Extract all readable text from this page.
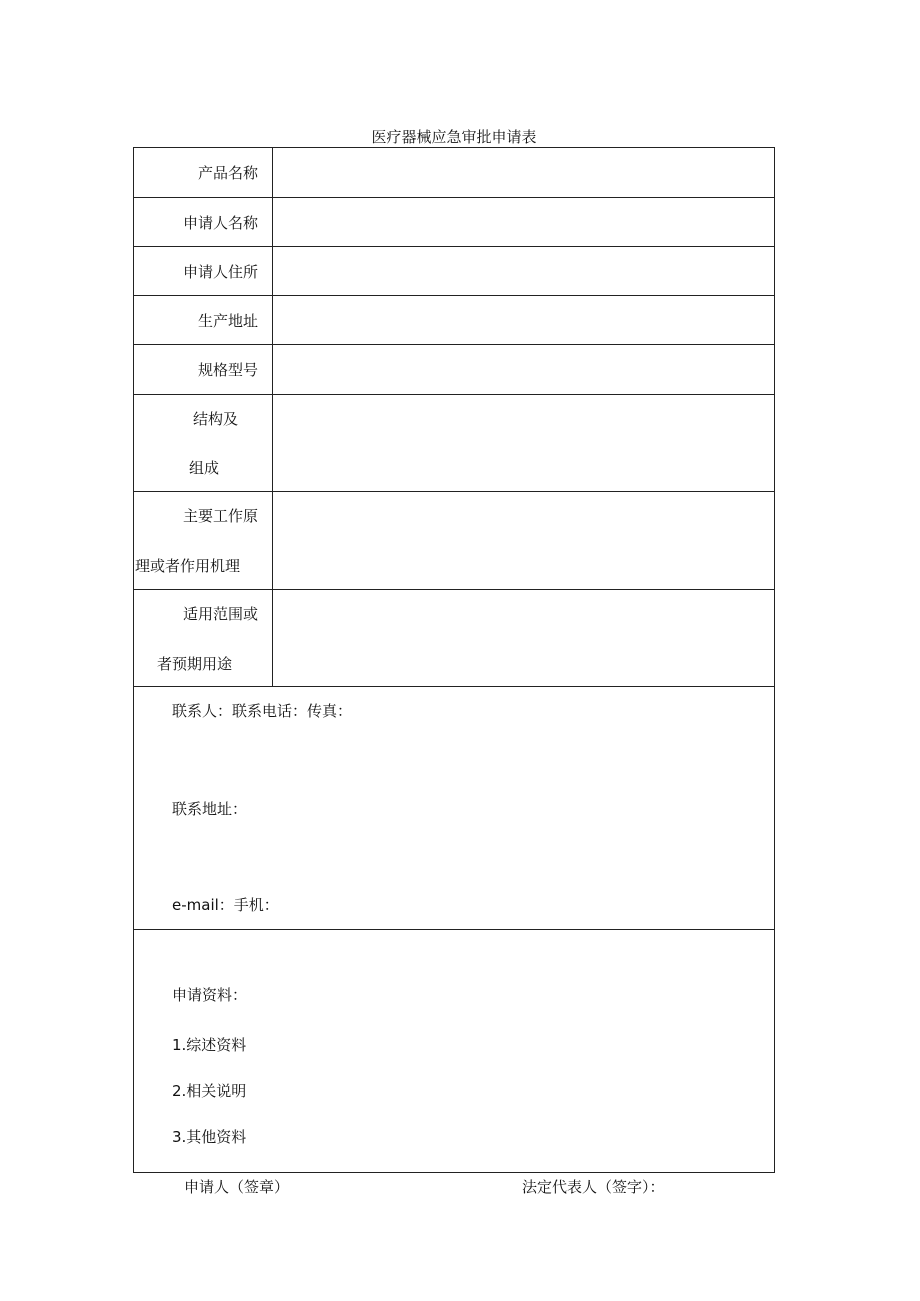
医疗器械应急审批申请表
产品名称	

申请人名称	

申请人住所	

生产地址	

规格型号	

结构及
组成	

主要工作原
理或者作用机理	

适用范围或
者预期用途	

联系人：联系电话：传真：
联系地址：
e-mail：手机：	

申请资料：
1.综述资料
2.相关说明
3.其他资料	
申请人（签章）	法定代表人（签字）：
